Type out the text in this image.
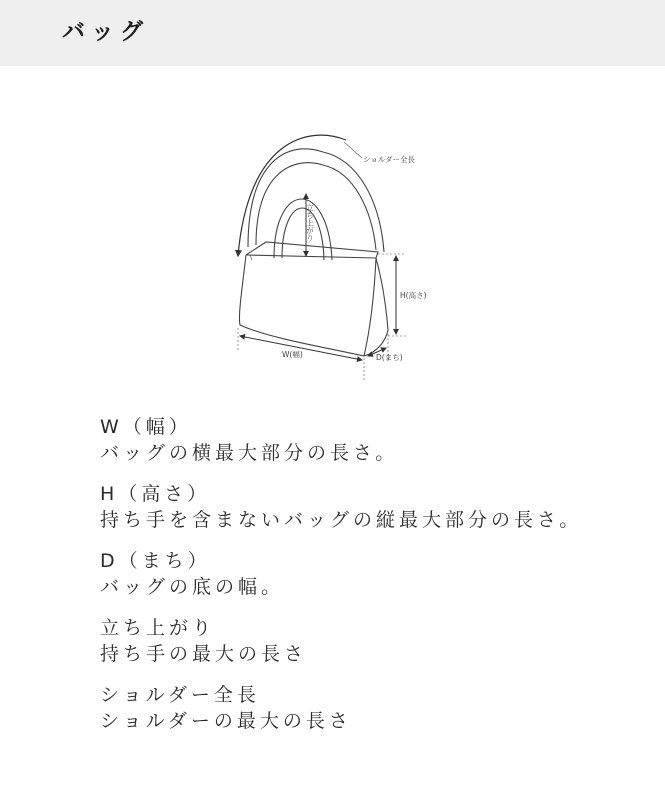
バッグ
ショルダー全長
立ち上がり
H(高さ)
W(幅)	D(まち)
W（幅）
バッグの横最大部分の長さ。
H（高さ）
持ち手を含まないバッグの縦最大部分の長さ。
D（まち）
バッグの底の幅。
立ち上がり
持ち手の最大の長さ
ショルダー全長
ショルダーの最大の長さ
